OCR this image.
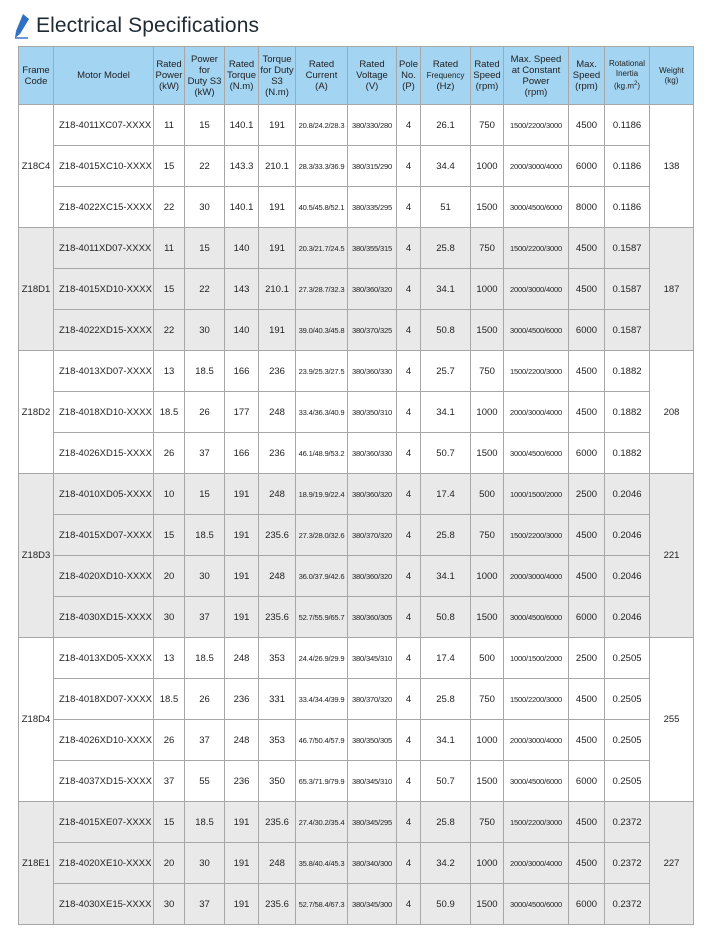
Electrical Specifications
Frame
Code	Motor Model	Rated
Power
(kW)	Power
for
Duty S3
(kW)	Rated
Torque
(N.m)	Torque
for Duty
S3
(N.m)	Rated
Current
(A)	Rated
Voltage
(V)	Pole
No.
(P)	Rated
Frequency
(Hz)	Rated
Speed
(rpm)	Max. Speed
at Constant
Power
(rpm)	Max.
Speed
(rpm)	Rotational
Inertia
$(kg.m^2)$	Weight
(kg)
Z18C4	Z18-4011XC07-XXXX	11	15	140.1	191	20.8/24.2/28.3	380/330/280	4	26.1	750	1500/2200/3000	4500	0.1186	138
	Z18-4015XC10-XXXX	15	22	143.3	210.1	28.3/33.3/36.9	380/315/290	4	34.4	1000	2000/3000/4000	6000	0.1186	
	Z18-4022XC15-XXXX	22	30	140.1	191	40.5/45.8/52.1	380/335/295	4	51	1500	3000/4500/6000	8000	0.1186	
Z18D1	Z18-4011XD07-XXXX	11	15	140	191	20.3/21.7/24.5	380/355/315	4	25.8	750	1500/2200/3000	4500	0.1587	187
	Z18-4015XD10-XXXX	15	22	143	210.1	27.3/28.7/32.3	380/360/320	4	34.1	1000	2000/3000/4000	4500	0.1587	
	Z18-4022XD15-XXXX	22	30	140	191	39.0/40.3/45.8	380/370/325	4	50.8	1500	3000/4500/6000	6000	0.1587	
Z18D2	Z18-4013XD07-XXXX	13	18.5	166	236	23.9/25.3/27.5	380/360/330	4	25.7	750	1500/2200/3000	4500	0.1882	208
	Z18-4018XD10-XXXX	18.5	26	177	248	33.4/36.3/40.9	380/350/310	4	34.1	1000	2000/3000/4000	4500	0.1882	
	Z18-4026XD15-XXXX	26	37	166	236	46.1/48.9/53.2	380/360/330	4	50.7	1500	3000/4500/6000	6000	0.1882	
Z18D3	Z18-4010XD05-XXXX	10	15	191	248	18.9/19.9/22.4	380/360/320	4	17.4	500	1000/1500/2000	2500	0.2046	221
	Z18-4015XD07-XXXX	15	18.5	191	235.6	27.3/28.0/32.6	380/370/320	4	25.8	750	1500/2200/3000	4500	0.2046	
	Z18-4020XD10-XXXX	20	30	191	248	36.0/37.9/42.6	380/360/320	4	34.1	1000	2000/3000/4000	4500	0.2046	
	Z18-4030XD15-XXXX	30	37	191	235.6	52.7/55.9/65.7	380/360/305	4	50.8	1500	3000/4500/6000	6000	0.2046	
Z18D4	Z18-4013XD05-XXXX	13	18.5	248	353	24.4/26.9/29.9	380/345/310	4	17.4	500	1000/1500/2000	2500	0.2505	255
	Z18-4018XD07-XXXX	18.5	26	236	331	33.4/34.4/39.9	380/370/320	4	25.8	750	1500/2200/3000	4500	0.2505	
	Z18-4026XD10-XXXX	26	37	248	353	46.7/50.4/57.9	380/350/305	4	34.1	1000	2000/3000/4000	4500	0.2505	
	Z18-4037XD15-XXXX	37	55	236	350	65.3/71.9/79.9	380/345/310	4	50.7	1500	3000/4500/6000	6000	0.2505	
Z18E1	Z18-4015XE07-XXXX	15	18.5	191	235.6	27.4/30.2/35.4	380/345/295	4	25.8	750	1500/2200/3000	4500	0.2372	227
	Z18-4020XE10-XXXX	20	30	191	248	35.8/40.4/45.3	380/340/300	4	34.2	1000	2000/3000/4000	4500	0.2372	
	Z18-4030XE15-XXXX	30	37	191	235.6	52.7/58.4/67.3	380/345/300	4	50.9	1500	3000/4500/6000	6000	0.2372	
